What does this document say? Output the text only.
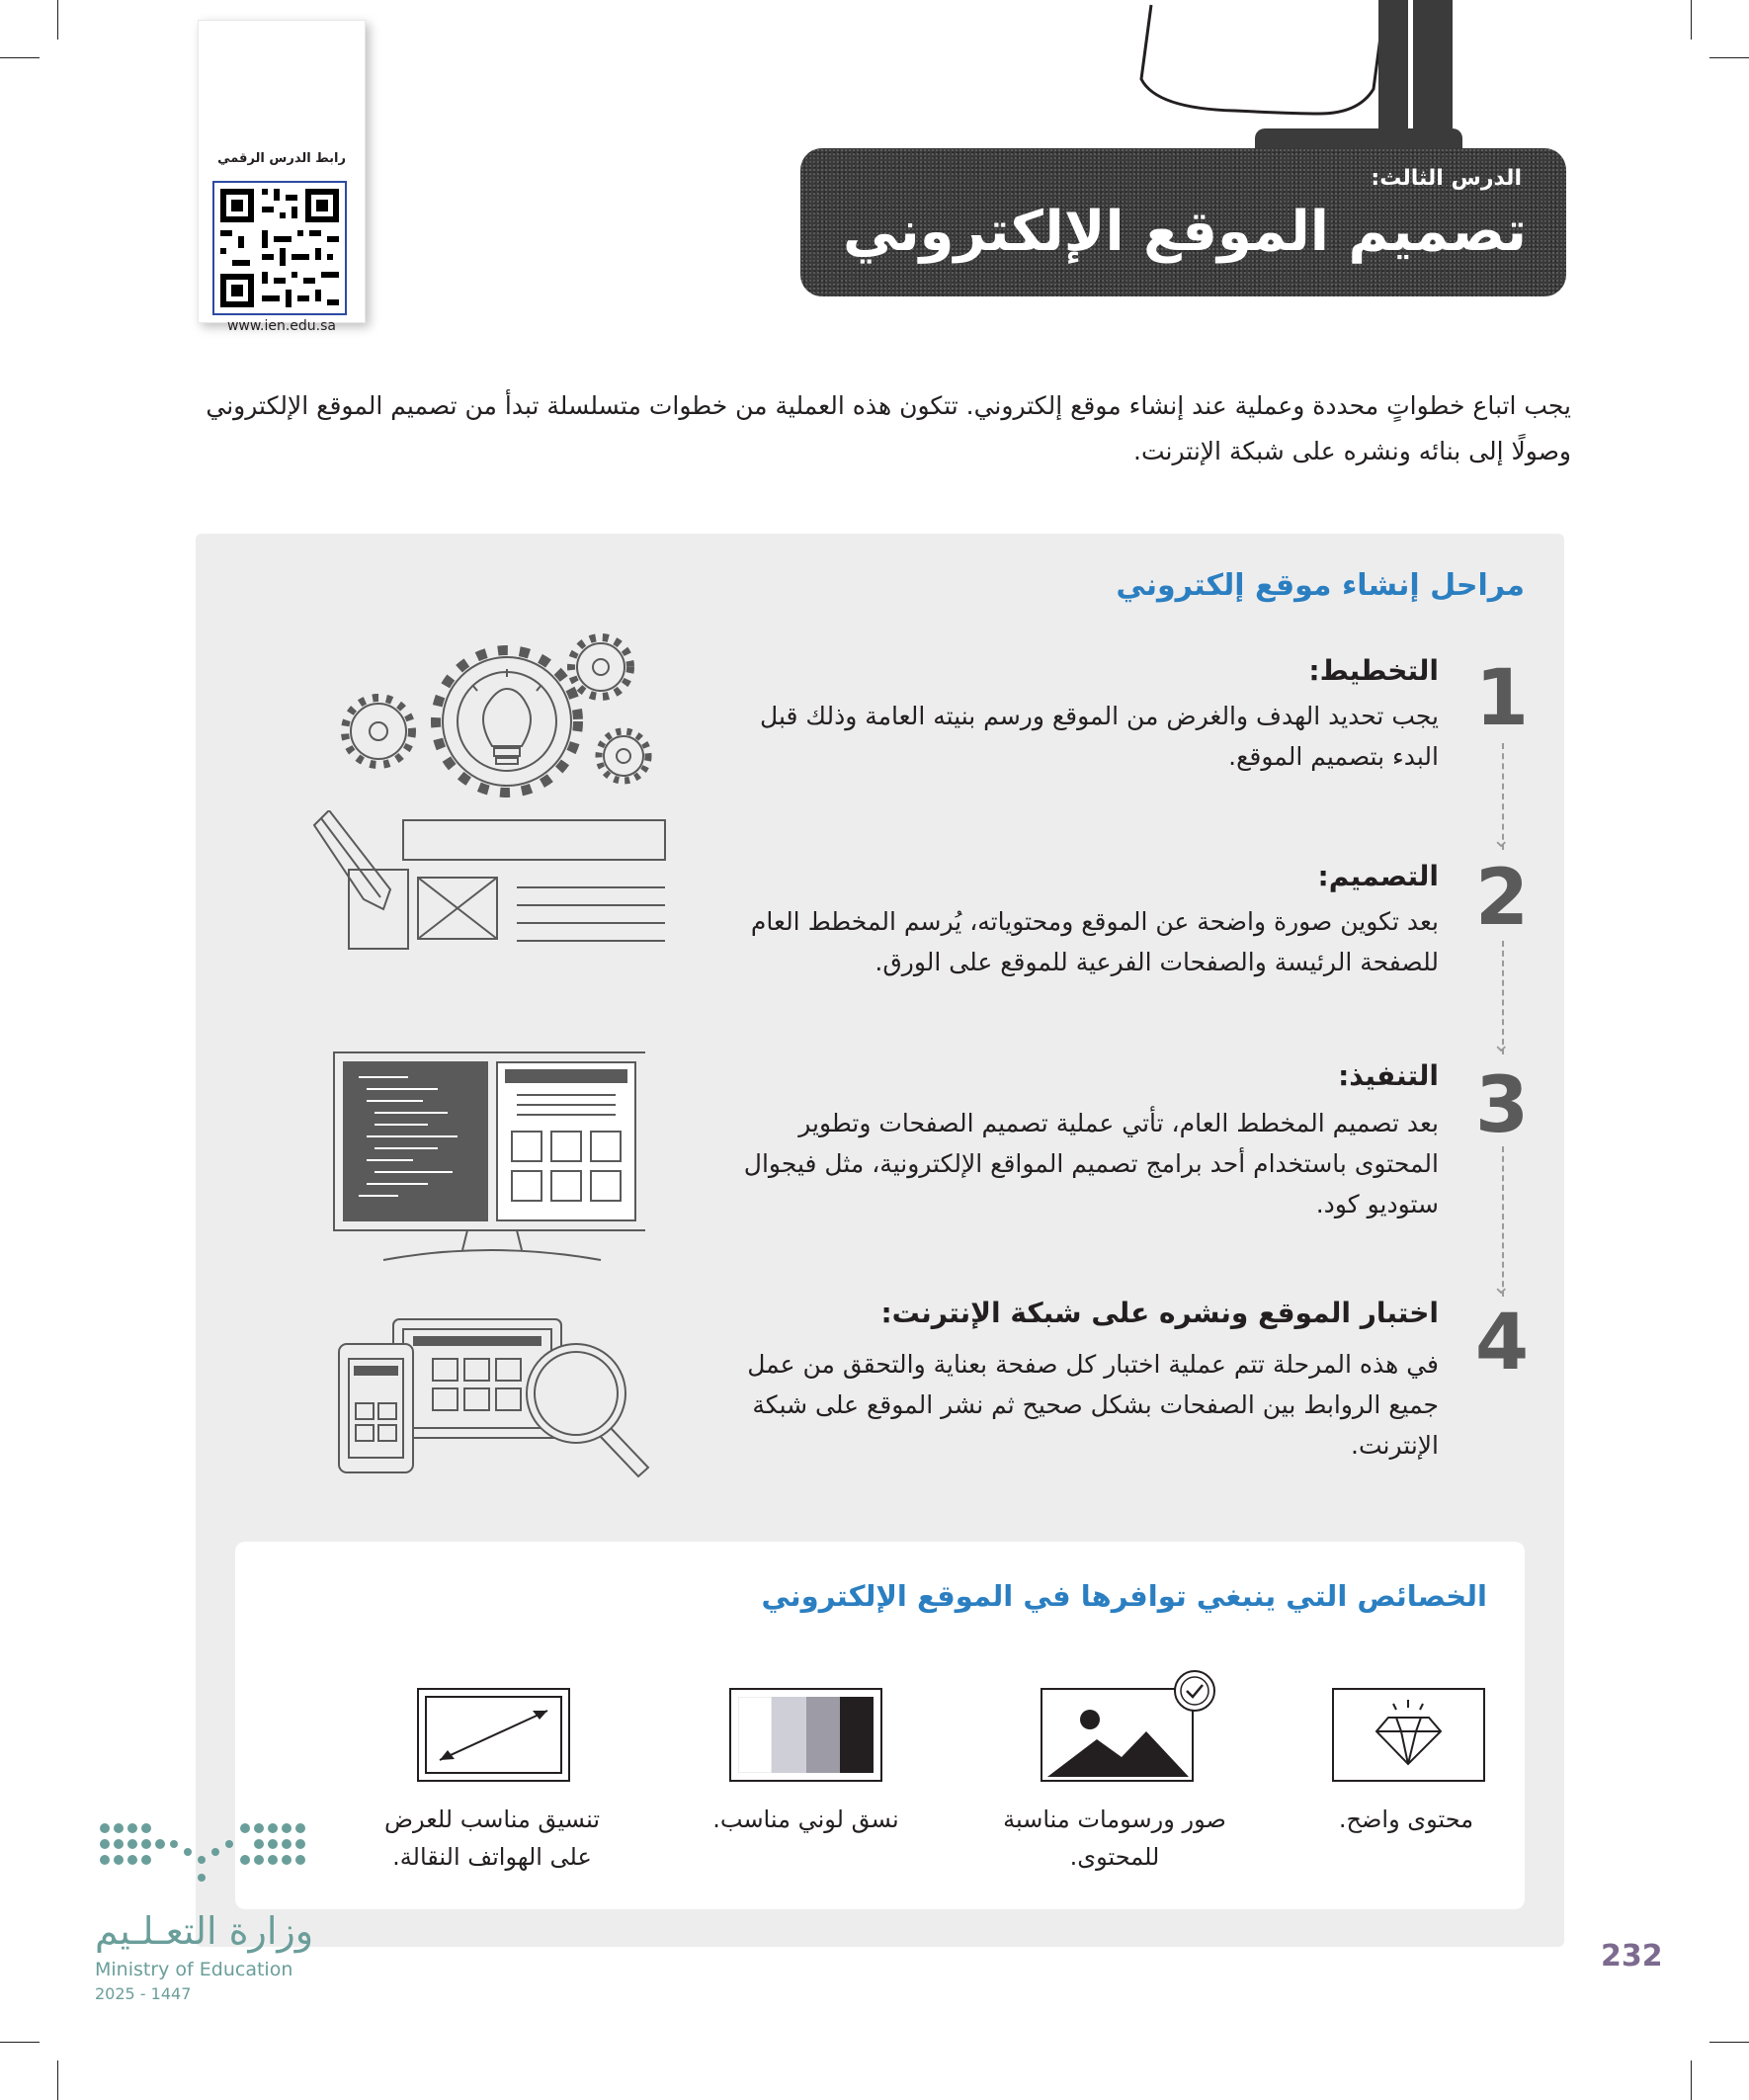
رابط الدرس الرقمي
www.ien.edu.sa
الدرس الثالث:
تصميم الموقع الإلكتروني
يجب اتباع خطواتٍ محددة وعملية عند إنشاء موقع إلكتروني. تتكون هذه العملية من خطوات متسلسلة تبدأ من تصميم الموقع الإلكتروني وصولًا إلى بنائه ونشره على شبكة الإنترنت.
مراحل إنشاء موقع إلكتروني
1
التخطيط:
يجب تحديد الهدف والغرض من الموقع ورسم بنيته العامة وذلك قبل البدء بتصميم الموقع.
2
التصميم:
بعد تكوين صورة واضحة عن الموقع ومحتوياته، يُرسم المخطط العام للصفحة الرئيسة والصفحات الفرعية للموقع على الورق.
3
التنفيذ:
بعد تصميم المخطط العام، تأتي عملية تصميم الصفحات وتطوير المحتوى باستخدام أحد برامج تصميم المواقع الإلكترونية، مثل فيجوال ستوديو كود.
4
اختبار الموقع ونشره على شبكة الإنترنت:
في هذه المرحلة تتم عملية اختبار كل صفحة بعناية والتحقق من عمل جميع الروابط بين الصفحات بشكل صحيح ثم نشر الموقع على شبكة الإنترنت.
⌄
⌄
⌄
الخصائص التي ينبغي توافرها في الموقع الإلكتروني
محتوى واضح.
صور ورسومات مناسبة للمحتوى.
نسق لوني مناسب.
تنسيق مناسب للعرض على الهواتف النقالة.
وزارة التعـلـيم
Ministry of Education
2025 - 1447
232
